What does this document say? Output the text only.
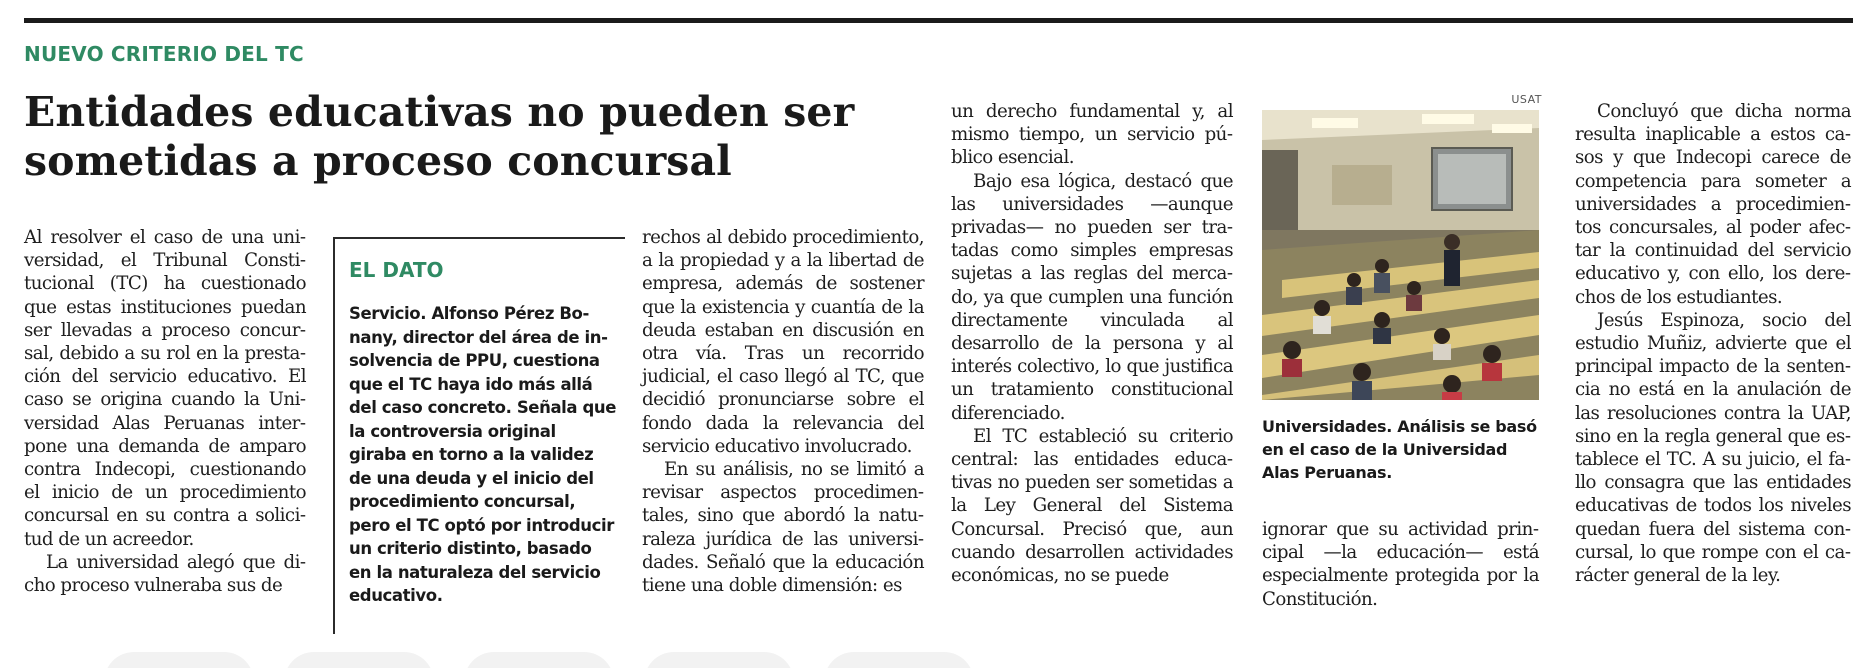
NUEVO CRITERIO DEL TC
Entidades educativas no pueden ser sometidas a proceso concursal

Al resolver el caso de una universidad, el Tribunal Constitucional (TC) ha cuestionado que estas instituciones puedan ser llevadas a proceso concursal, debido a su rol en la prestación del servicio educativo. El caso se origina cuando la Universidad Alas Peruanas interpone una demanda de amparo contra Indecopi, cuestionando el inicio de un procedimiento concursal en su contra a solicitud de un acreedor.

La universidad alegó que dicho proceso vulneraba sus de

EL DATO

Servicio. Alfonso Pérez Bonany, director del área de insolvencia de PPU, cuestiona que el TC haya ido más allá del caso concreto. Señala que la controversia original giraba en torno a la validez de una deuda y el inicio del procedimiento concursal, pero el TC optó por introducir un criterio distinto, basado en la naturaleza del servicio educativo.

rechos al debido procedimiento, a la propiedad y a la libertad de empresa, además de sostener que la existencia y cuantía de la deuda estaban en discusión en otra vía. Tras un recorrido judicial, el caso llegó al TC, que decidió pronunciarse sobre el fondo dada la relevancia del servicio educativo involucrado.

En su análisis, no se limitó a revisar aspectos procedimentales, sino que abordó la naturaleza jurídica de las universidades. Señaló que la educación tiene una doble dimensión: es

un derecho fundamental y, al mismo tiempo, un servicio público esencial.

Bajo esa lógica, destacó que las universidades —aunque privadas— no pueden ser tratadas como simples empresas sujetas a las reglas del mercado, ya que cumplen una función directamente vinculada al desarrollo de la persona y al interés colectivo, lo que justifica un tratamiento constitucional diferenciado.

El TC estableció su criterio central: las entidades educativas no pueden ser sometidas a la Ley General del Sistema Concursal. Precisó que, aun cuando desarrollen actividades económicas, no se puede

USAT

Universidades. Análisis se basó en el caso de la Universidad Alas Peruanas.

ignorar que su actividad principal —la educación— está especialmente protegida por la Constitución.

Concluyó que dicha norma resulta inaplicable a estos casos y que Indecopi carece de competencia para someter a universidades a procedimientos concursales, al poder afectar la continuidad del servicio educativo y, con ello, los derechos de los estudiantes.

Jesús Espinoza, socio del estudio Muñiz, advierte que el principal impacto de la sentencia no está en la anulación de las resoluciones contra la UAP, sino en la regla general que establece el TC. A su juicio, el fallo consagra que las entidades educativas de todos los niveles quedan fuera del sistema concursal, lo que rompe con el carácter general de la ley.
